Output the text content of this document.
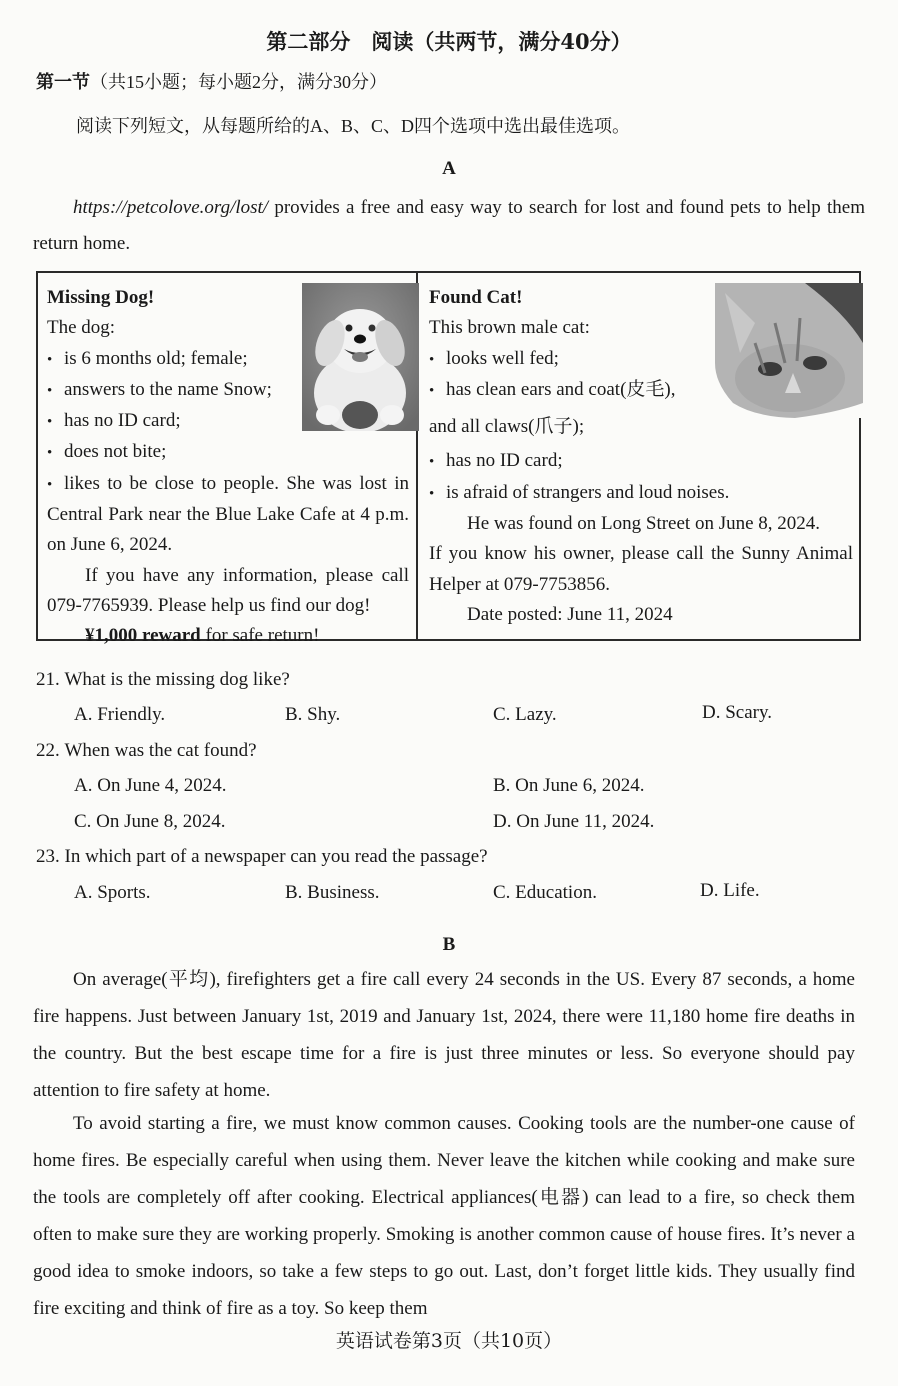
第二部分　阅读（共两节，满分40分）
第一节（共15小题；每小题2分，满分30分）
阅读下列短文，从每题所给的A、B、C、D四个选项中选出最佳选项。
A
https://petcolove.org/lost/ provides a free and easy way to search for lost and found pets to help them return home.
Missing Dog!
The dog:
• is 6 months old; female;
• answers to the name Snow;
• has no ID card;
• does not bite;
• likes to be close to people. She was lost in Central Park near the Blue Lake Cafe at 4 p.m. on June 6, 2024.
If you have any information, please call 079-7765939. Please help us find our dog!
¥1,000 reward for safe return!
Found Cat!
This brown male cat:
• looks well fed;
• has clean ears and coat(皮毛),
and all claws(爪子);
• has no ID card;
• is afraid of strangers and loud noises.
He was found on Long Street on June 8, 2024.
If you know his owner, please call the Sunny Animal Helper at 079-7753856.
Date posted: June 11, 2024
21. What is the missing dog like?
A. Friendly.	B. Shy.	C. Lazy.	D. Scary.
22. When was the cat found?
A. On June 4, 2024.	B. On June 6, 2024.
C. On June 8, 2024.	D. On June 11, 2024.
23. In which part of a newspaper can you read the passage?
A. Sports.	B. Business.	C. Education.	D. Life.
B
On average(平均), firefighters get a fire call every 24 seconds in the US. Every 87 seconds, a home fire happens. Just between January 1st, 2019 and January 1st, 2024, there were 11,180 home fire deaths in the country. But the best escape time for a fire is just three minutes or less. So everyone should pay attention to fire safety at home.
To avoid starting a fire, we must know common causes. Cooking tools are the number-one cause of home fires. Be especially careful when using them. Never leave the kitchen while cooking and make sure the tools are completely off after cooking. Electrical appliances(电器) can lead to a fire, so check them often to make sure they are working properly. Smoking is another common cause of house fires. It’s never a good idea to smoke indoors, so take a few steps to go out. Last, don’t forget little kids. They usually find fire exciting and think of fire as a toy. So keep them
英语试卷第3页（共10页）
